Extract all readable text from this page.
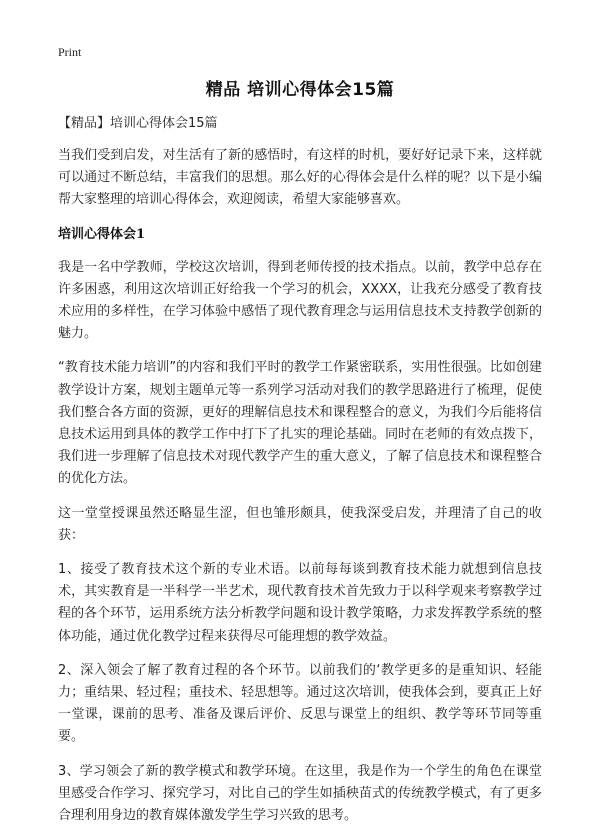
Print
精品 培训心得体会15篇
【精品】培训心得体会15篇

当我们受到启发，对生活有了新的感悟时，有这样的时机，要好好记录下来，这样就可以通过不断总结，丰富我们的思想。那么好的心得体会是什么样的呢？以下是小编帮大家整理的培训心得体会，欢迎阅读，希望大家能够喜欢。

培训心得体会1

我是一名中学教师，学校这次培训，得到老师传授的技术指点。以前，教学中总存在许多困惑，利用这次培训正好给我一个学习的机会，XXXX，让我充分感受了教育技术应用的多样性，在学习体验中感悟了现代教育理念与运用信息技术支持教学创新的魅力。

“教育技术能力培训”的内容和我们平时的教学工作紧密联系，实用性很强。比如创建教学设计方案，规划主题单元等一系列学习活动对我们的教学思路进行了梳理，促使我们整合各方面的资源，更好的理解信息技术和课程整合的意义，为我们今后能将信息技术运用到具体的教学工作中打下了扎实的理论基础。同时在老师的有效点拨下，我们进一步理解了信息技术对现代教学产生的重大意义，了解了信息技术和课程整合的优化方法。

这一堂堂授课虽然还略显生涩，但也雏形颇具，使我深受启发，并理清了自己的收获：

1、接受了教育技术这个新的专业术语。以前每每谈到教育技术能力就想到信息技术，其实教育是一半科学一半艺术，现代教育技术首先致力于以科学观来考察教学过程的各个环节，运用系统方法分析教学问题和设计教学策略，力求发挥教学系统的整体功能，通过优化教学过程来获得尽可能理想的教学效益。

2、深入领会了解了教育过程的各个环节。以前我们的‘教学更多的是重知识、轻能力；重结果、轻过程；重技术、轻思想等。通过这次培训，使我体会到，要真正上好一堂课，课前的思考、准备及课后评价、反思与课堂上的组织、教学等环节同等重要。

3、学习领会了新的教学模式和教学环境。在这里，我是作为一个学生的角色在课堂里感受合作学习、探究学习，对比自己的学生如插秧苗式的传统教学模式，有了更多合理利用身边的教育媒体激发学生学习兴致的思考。
